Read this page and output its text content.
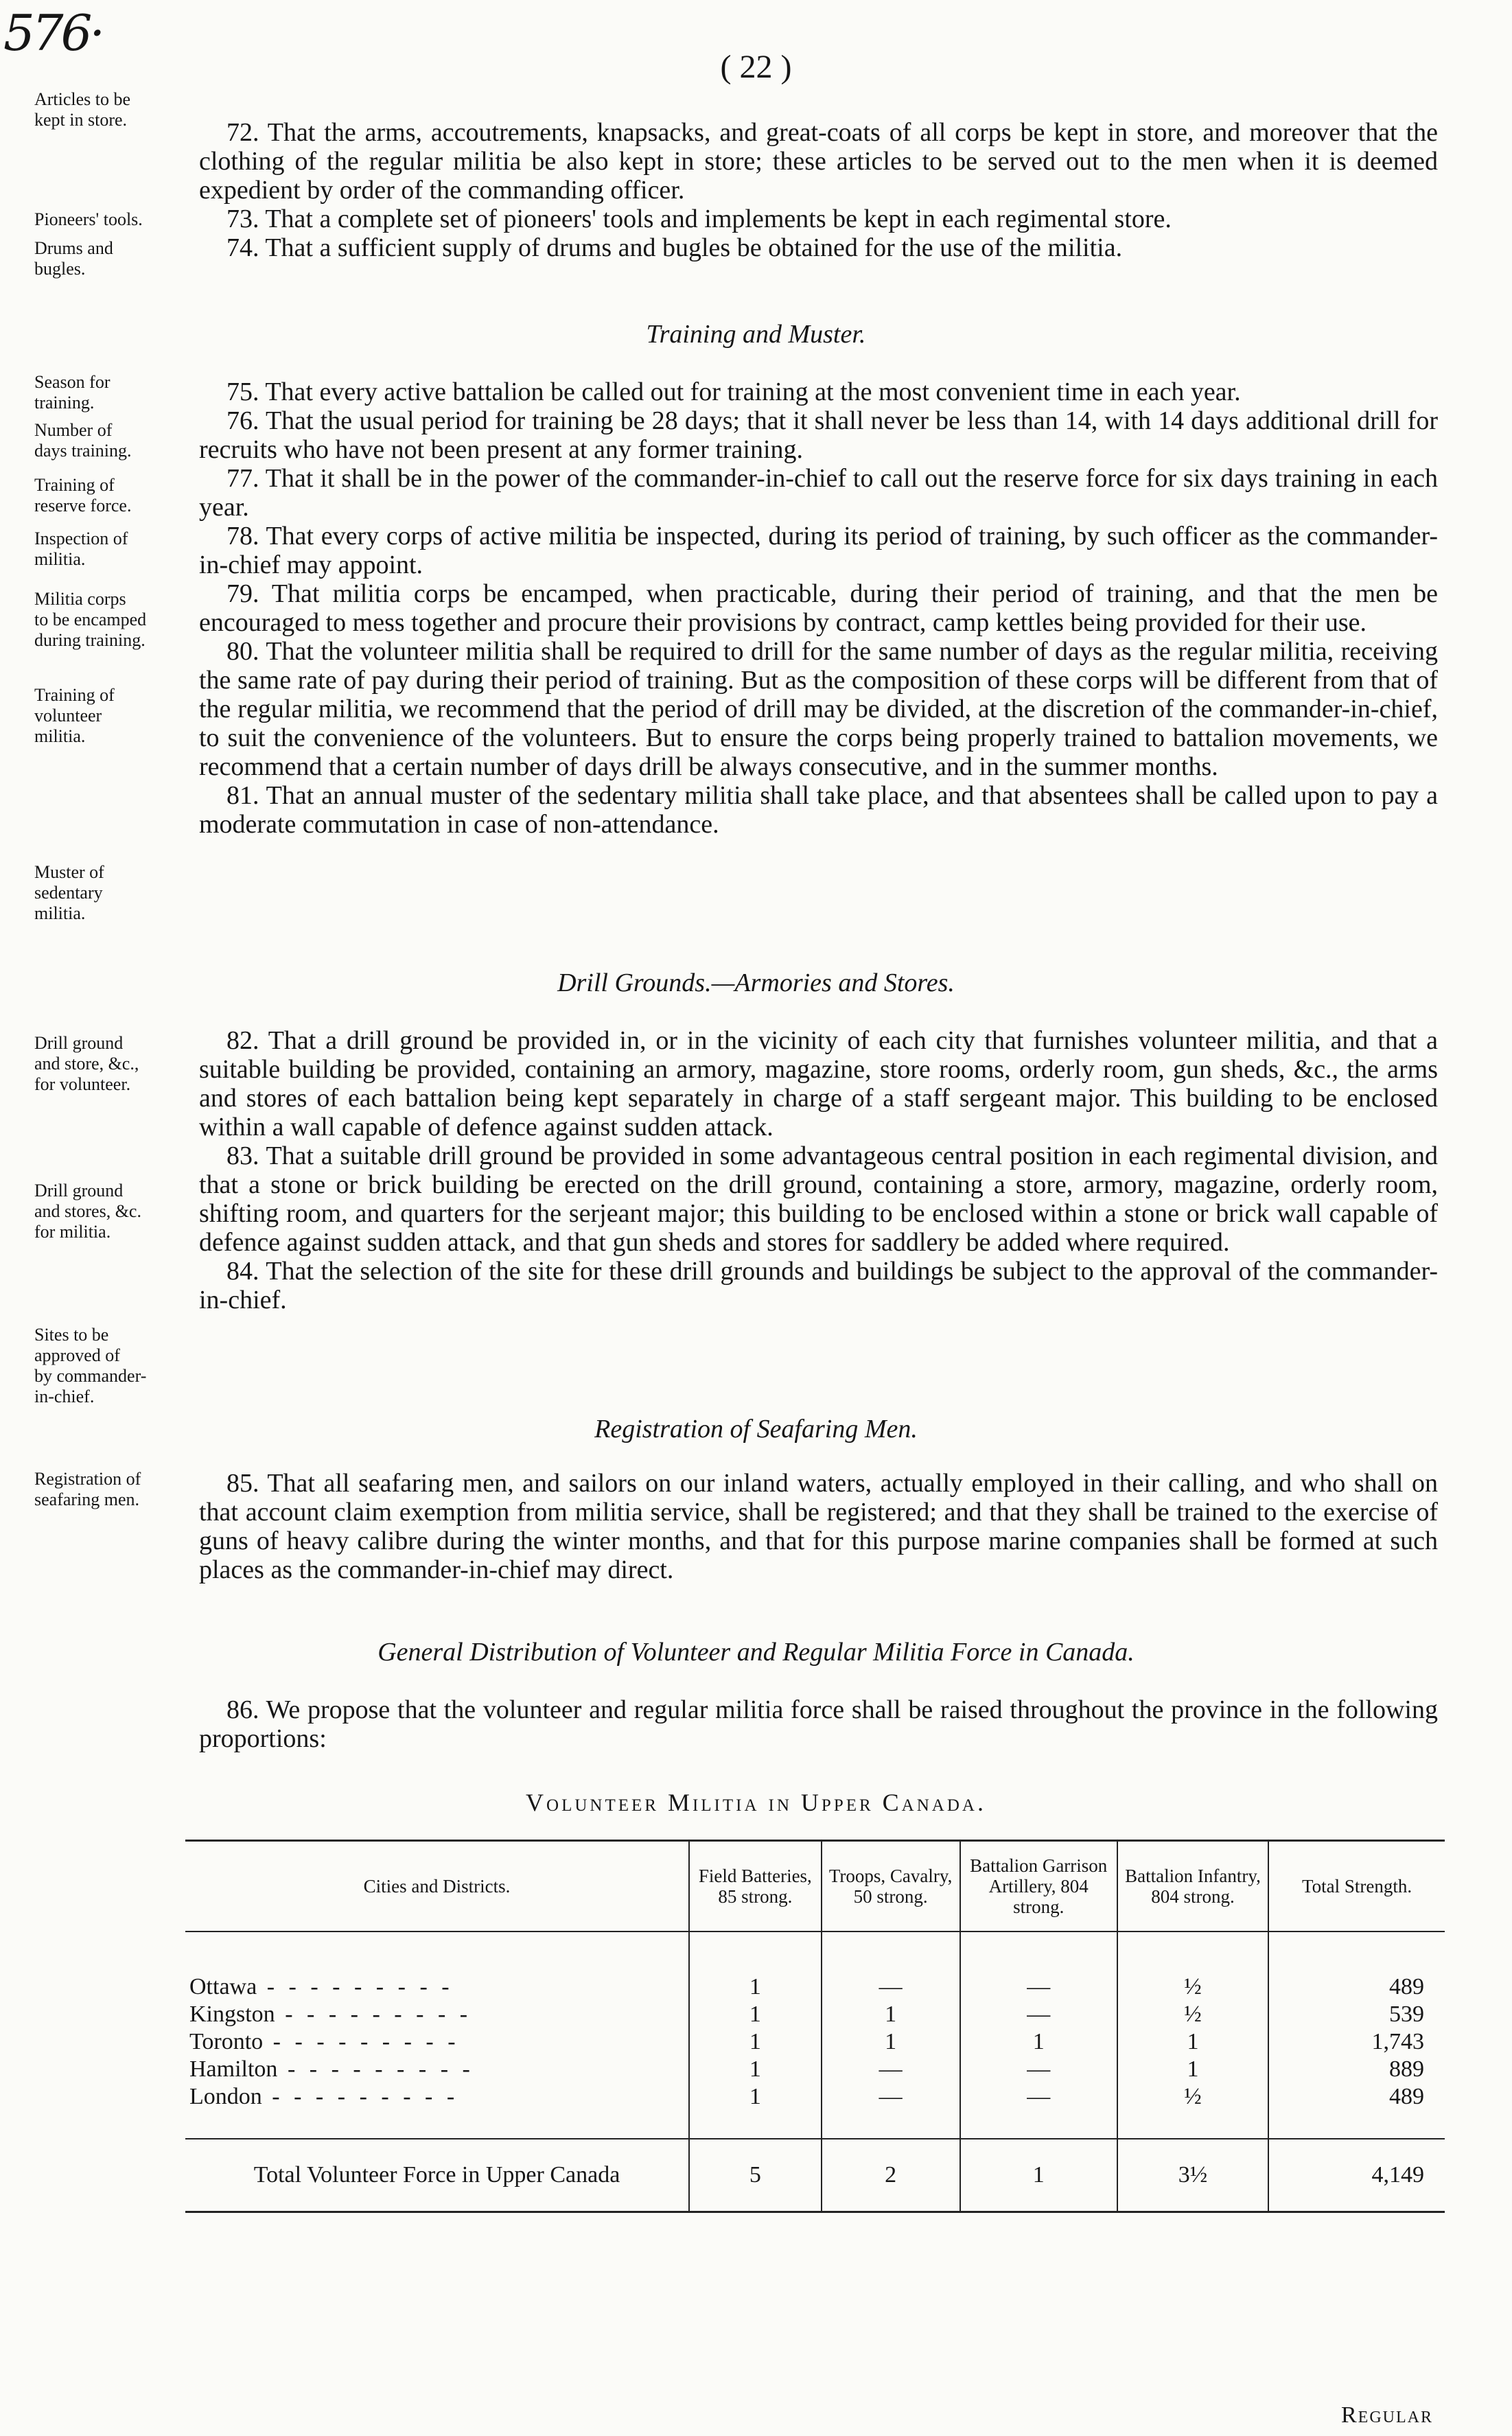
576·
( 22 )
Articles to be
kept in store.
Pioneers' tools.
Drums and
bugles.
Season for
training.
Number of
days training.
Training of
reserve force.
Inspection of
militia.
Militia corps
to be encamped
during training.
Training of
volunteer
militia.
Muster of
sedentary
militia.
Drill ground
and store, &c.,
for volunteer.
Drill ground
and stores, &c.
for militia.
Sites to be
approved of
by commander-
in-chief.
Registration of
seafaring men.

72. That the arms, accoutrements, knapsacks, and great-coats of all corps be kept in store, and moreover that the clothing of the regular militia be also kept in store; these articles to be served out to the men when it is deemed expedient by order of the commanding officer.

73. That a complete set of pioneers' tools and implements be kept in each regimental store.

74. That a sufficient supply of drums and bugles be obtained for the use of the militia.

Training and Muster.

75. That every active battalion be called out for training at the most convenient time in each year.

76. That the usual period for training be 28 days; that it shall never be less than 14, with 14 days additional drill for recruits who have not been present at any former training.

77. That it shall be in the power of the commander-in-chief to call out the reserve force for six days training in each year.

78. That every corps of active militia be inspected, during its period of training, by such officer as the commander-in-chief may appoint.

79. That militia corps be encamped, when practicable, during their period of training, and that the men be encouraged to mess together and procure their provisions by contract, camp kettles being provided for their use.

80. That the volunteer militia shall be required to drill for the same number of days as the regular militia, receiving the same rate of pay during their period of training. But as the composition of these corps will be different from that of the regular militia, we recommend that the period of drill may be divided, at the discretion of the commander-in-chief, to suit the convenience of the volunteers. But to ensure the corps being properly trained to battalion movements, we recommend that a certain number of days drill be always consecutive, and in the summer months.

81. That an annual muster of the sedentary militia shall take place, and that absentees shall be called upon to pay a moderate commutation in case of non-attendance.

Drill Grounds.—Armories and Stores.

82. That a drill ground be provided in, or in the vicinity of each city that furnishes volunteer militia, and that a suitable building be provided, containing an armory, magazine, store rooms, orderly room, gun sheds, &c., the arms and stores of each battalion being kept separately in charge of a staff sergeant major. This building to be enclosed within a wall capable of defence against sudden attack.

83. That a suitable drill ground be provided in some advantageous central position in each regimental division, and that a stone or brick building be erected on the drill ground, containing a store, armory, magazine, orderly room, shifting room, and quarters for the serjeant major; this building to be enclosed within a stone or brick wall capable of defence against sudden attack, and that gun sheds and stores for saddlery be added where required.

84. That the selection of the site for these drill grounds and buildings be subject to the approval of the commander-in-chief.

Registration of Seafaring Men.

85. That all seafaring men, and sailors on our inland waters, actually employed in their calling, and who shall on that account claim exemption from militia service, shall be registered; and that they shall be trained to the exercise of guns of heavy calibre during the winter months, and that for this purpose marine companies shall be formed at such places as the commander-in-chief may direct.

General Distribution of Volunteer and Regular Militia Force in Canada.

86. We propose that the volunteer and regular militia force shall be raised throughout the province in the following proportions:

Volunteer Militia in Upper Canada.
Cities and Districts.	Field Batteries, 85 strong.	Troops, Cavalry, 50 strong.	Battalion Garrison Artillery, 804 strong.	Battalion Infantry, 804 strong.	Total Strength.
Ottawa - -	1	—	—	½	489
Kingston - -	1	1	—	½	539
Toronto - -	1	1	1	1	1,743
Hamilton - -	1	—	—	1	889
London - -	1	—	—	½	489
Total Volunteer Force in Upper Canada	5	2	1	3½	4,149
Regular
